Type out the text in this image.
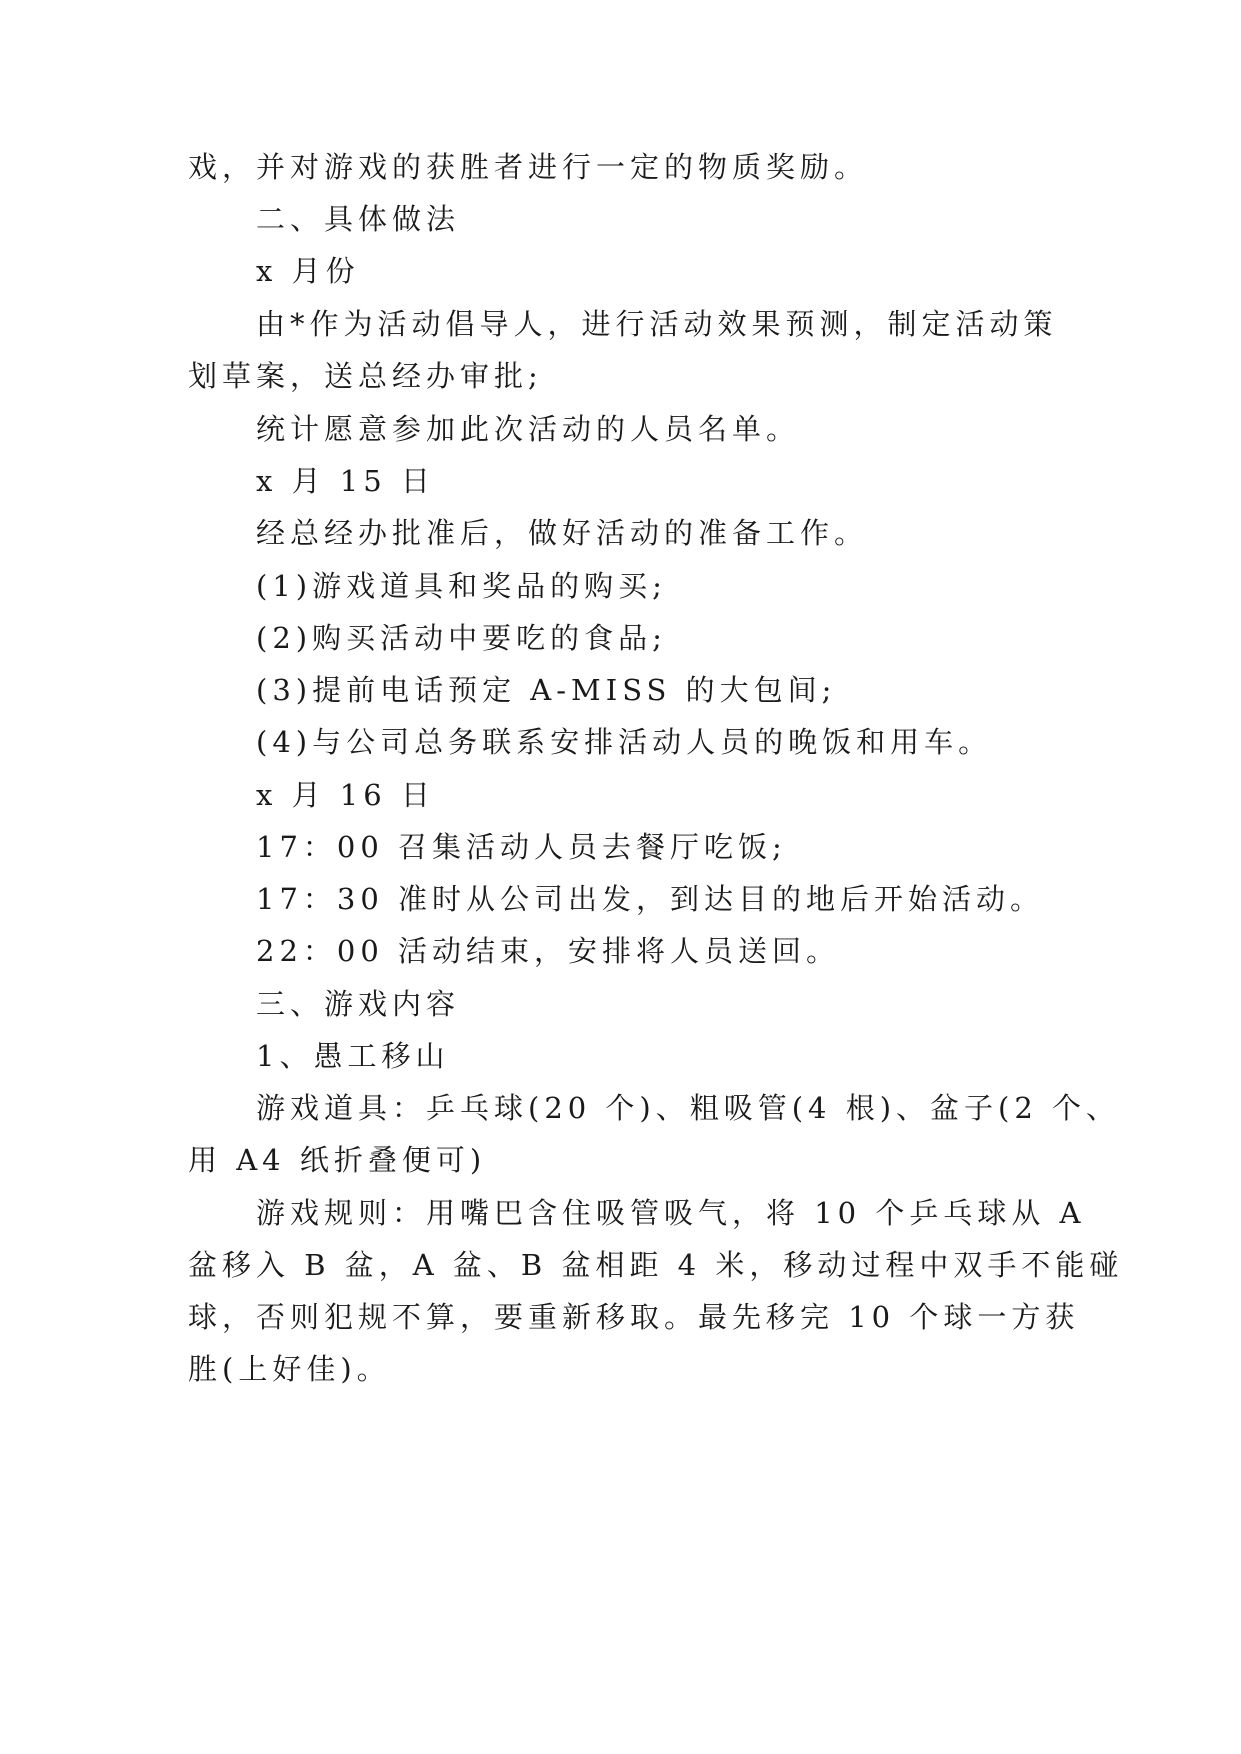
戏，并对游戏的获胜者进行一定的物质奖励。
二、具体做法
x 月份
由*作为活动倡导人，进行活动效果预测，制定活动策
划草案，送总经办审批;
统计愿意参加此次活动的人员名单。
x 月 15 日
经总经办批准后，做好活动的准备工作。
(1)游戏道具和奖品的购买;
(2)购买活动中要吃的食品;
(3)提前电话预定 A-MISS 的大包间;
(4)与公司总务联系安排活动人员的晚饭和用车。
x 月 16 日
17：00 召集活动人员去餐厅吃饭;
17：30 准时从公司出发，到达目的地后开始活动。
22：00 活动结束，安排将人员送回。
三、游戏内容
1、愚工移山
游戏道具：乒乓球(20 个)、粗吸管(4 根)、盆子(2 个、
用 A4 纸折叠便可)
游戏规则：用嘴巴含住吸管吸气，将 10 个乒乓球从 A
盆移入 B 盆，A 盆、B 盆相距 4 米，移动过程中双手不能碰
球，否则犯规不算，要重新移取。最先移完 10 个球一方获
胜(上好佳)。
